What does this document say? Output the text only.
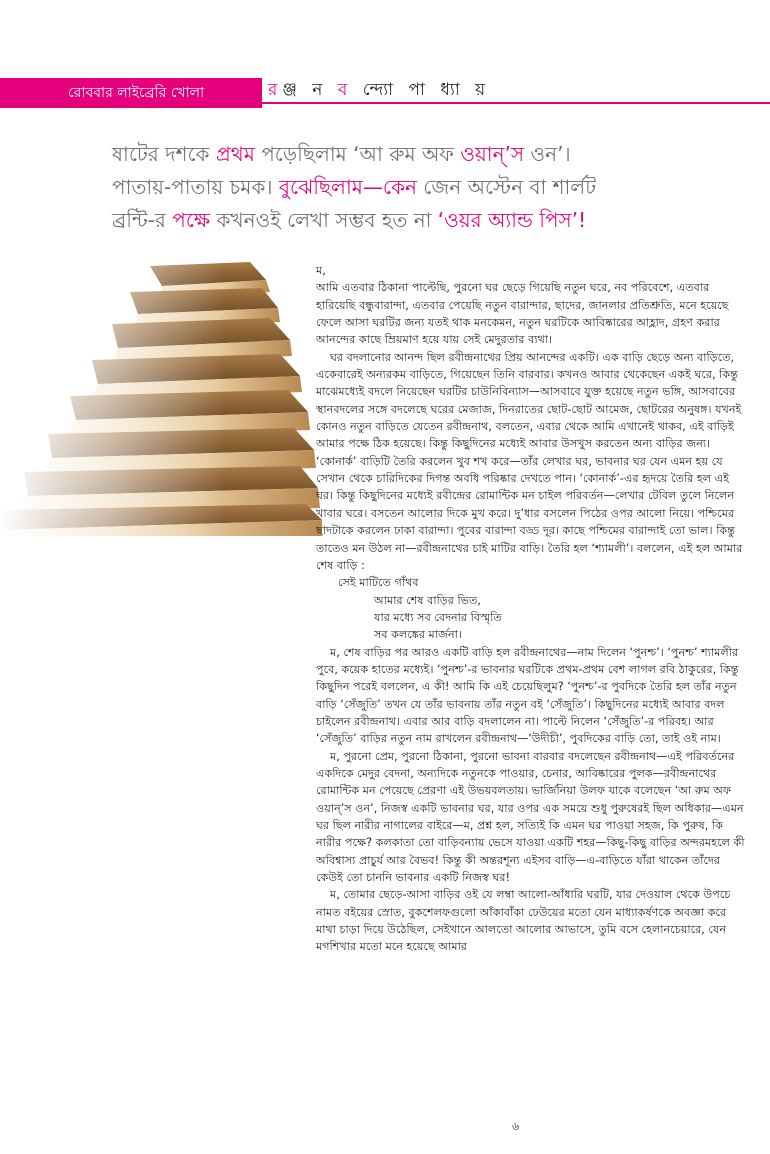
রোববার লাইব্রেরি খোলা	রঞ্জ ন ব ন্দ্যো পা ধ্যা য়

ষাটের দশকে প্রথম পড়েছিলাম ‘আ রুম অফ ওয়ান্‌’স ওন’।

পাতায়-পাতায় চমক। বুঝেছিলাম—কেন জেন অস্টেন বা শার্লট

ব্রন্টি-র পক্ষে কখনওই লেখা সম্ভব হত না ‘ওয়র অ্যান্ড পিস’!

ম,

আমি এতবার ঠিকানা পাল্টেছি, পুরনো ঘর ছেড়ে গিয়েছি নতুন ঘরে, নব পরিবেশে, এতবার হারিয়েছি বন্ধুবারান্দা, এতবার পেয়েছি নতুন বারান্দার, ছাদের, জানলার প্রতিশ্রুতি, মনে হয়েছে ফেলে আসা ঘরটির জন্য যতই থাক মনকেমন, নতুন ঘরটিকে আবিষ্কারের আহ্লাদ, গ্রহণ করার আনন্দের কাছে ম্রিয়মাণ হয়ে যায় সেই মেদুরতার ব্যথা।

ঘর বদলানোর আনন্দ ছিল রবীন্দ্রনাথের প্রিয় আনন্দের একটি। এক বাড়ি ছেড়ে অন্য বাড়িতে, একেবারেই অন্যরকম বাড়িতে, গিয়েছেন তিনি বারবার। কখনও আবার থেকেছেন একই ঘরে, কিন্তু মাঝেমধ্যেই বদলে নিয়েছেন ঘরটির চাউনিবিন্যাস—আসবাবে যুক্ত হয়েছে নতুন ভঙ্গি, আসবাবের স্থানবদলের সঙ্গে বদলেছে ঘরের মেজাজ, দিনরাতের ছোট-ছোট আমেজ, ছোটরের অনুষঙ্গ। যখনই কোনও নতুন বাড়িতে যেতেন রবীন্দ্রনাথ, বলতেন, এবার থেকে আমি এখানেই থাকব, এই বাড়িই আমার পক্ষে ঠিক হয়েছে। কিন্তু কিছুদিনের মধ্যেই আবার উসখুস করতেন অন্য বাড়ির জন্য। ‘কোনার্ক’ বাড়িটি তৈরি করলেন খুব শখ করে—তাঁর লেখার ঘর, ভাবনার ঘর যেন এমন হয় যে সেখান থেকে চারিদিকের দিগন্ত অবধি পরিষ্কার দেখতে পান। ‘কোনার্ক’-এর হৃদয়ে তৈরি হল এই ঘর। কিন্তু কিছুদিনের মধ্যেই রবীন্দ্রের রোমান্টিক মন চাইল পরিবর্তন—লেখার টেবিল তুলে নিলেন খাবার ঘরে। বসতেন আলোর দিকে মুখ করে। দু’ধার বসলেন পিঠের ওপর আলো নিয়ে। পশ্চিমের ছাদটাকে করলেন ঢাকা বারান্দা। পুবের বারান্দা বড্ড দূর। কাছে পশ্চিমের বারান্দাই তো ভাল। কিন্তু তাতেও মন উঠল না—রবীন্দ্রনাথের চাই মাটির বাড়ি। তৈরি হল ‘শ্যামলী’। বললেন, এই হল আমার শেষ বাড়ি :

সেই মাটিতে গাঁথব
আমার শেষ বাড়ির ভিত,
যার মধ্যে সব বেদনার বিস্মৃতি
সব কলঙ্কের মার্জনা।

ম, শেষ বাড়ির পর আরও একটি বাড়ি হল রবীন্দ্রনাথের—নাম দিলেন ‘পুনশ্চ’। ‘পুনশ্চ’ শ্যামলীর পুবে, কয়েক হাতের মধ্যেই। ‘পুনশ্চ’-র ভাবনার ঘরটিকে প্রথম-প্রথম বেশ লাগল রবি ঠাকুরের, কিন্তু কিছুদিন পরেই বললেন, এ কী! আমি কি এই চেয়েছিলুম? ‘পুনশ্চ’-র পুবদিকে তৈরি হল তাঁর নতুন বাড়ি ‘সেঁজুতি’ তখন যে তাঁর ভাবনায় তাঁর নতুন বই ‘সেঁজুতি’। কিছুদিনের মধ্যেই আবার বদল চাইলেন রবীন্দ্রনাথ। এবার আর বাড়ি বদলালেন না। পাল্টে নিলেন ‘সেঁজুতি’-র পরিবহ। আর ‘সেঁজুতি’ বাড়ির নতুন নাম রাখলেন রবীন্দ্রনাথ—‘উদীচী’, পুবদিকের বাড়ি তো, তাই ওই নাম।

ম, পুরনো প্রেম, পুরনো ঠিকানা, পুরনো ভাবনা বারবার বদলেছেন রবীন্দ্রনাথ—এই পরিবর্তনের একদিকে মেদুর বেদনা, অন্যদিকে নতুনকে পাওয়ার, চেনার, আবিষ্কারের পুলক—রবীন্দ্রনাথের রোমান্টিক মন পেয়েছে প্রেরণা এই উভয়বলতায়। ভার্জিনিয়া উলফ যাকে বলেছেন ‘আ রুম অফ ওয়ান্‌’স ওন’, নিজস্ব একটি ভাবনার ঘর, যার ওপর এক সময়ে শুধু পুরুষেরই ছিল অধিকার—এমন ঘর ছিল নারীর নাগালের বাইরে—ম, প্রশ্ন হল, সত্যিই কি এমন ঘর পাওয়া সহজ, কি পুরুষ, কি নারীর পক্ষে? কলকাতা তো বাড়িবন্যায় ভেসে যাওয়া একটি শহর—কিছু-কিছু বাড়ির অন্দরমহলে কী অবিশ্বাস্য প্রাচুর্য আর বৈভব! কিন্তু কী অন্তরশূন্য এইসব বাড়ি—এ-বাড়িতে যাঁরা থাকেন তাঁদের কেউই তো চাননি ভাবনার একটি নিজস্ব ঘর!

ম, তোমার ছেড়ে-আসা বাড়ির ওই যে লম্বা আলো-আঁধারি ঘরটি, যার দেওয়াল থেকে উপচে নামত বইয়ের স্রোত, বুকশেলফগুলো আঁকাবাঁকা ঢেউয়ের মতো যেন মাধ্যাকর্ষণকে অবজ্ঞা করে মাথা চাড়া দিয়ে উঠেছিল, সেইখানে আলতো আলোর আভাসে, তুমি বসে হেলানচেয়ারে, যেন মগশিখার মতো মনে হয়েছে আমার

৬
